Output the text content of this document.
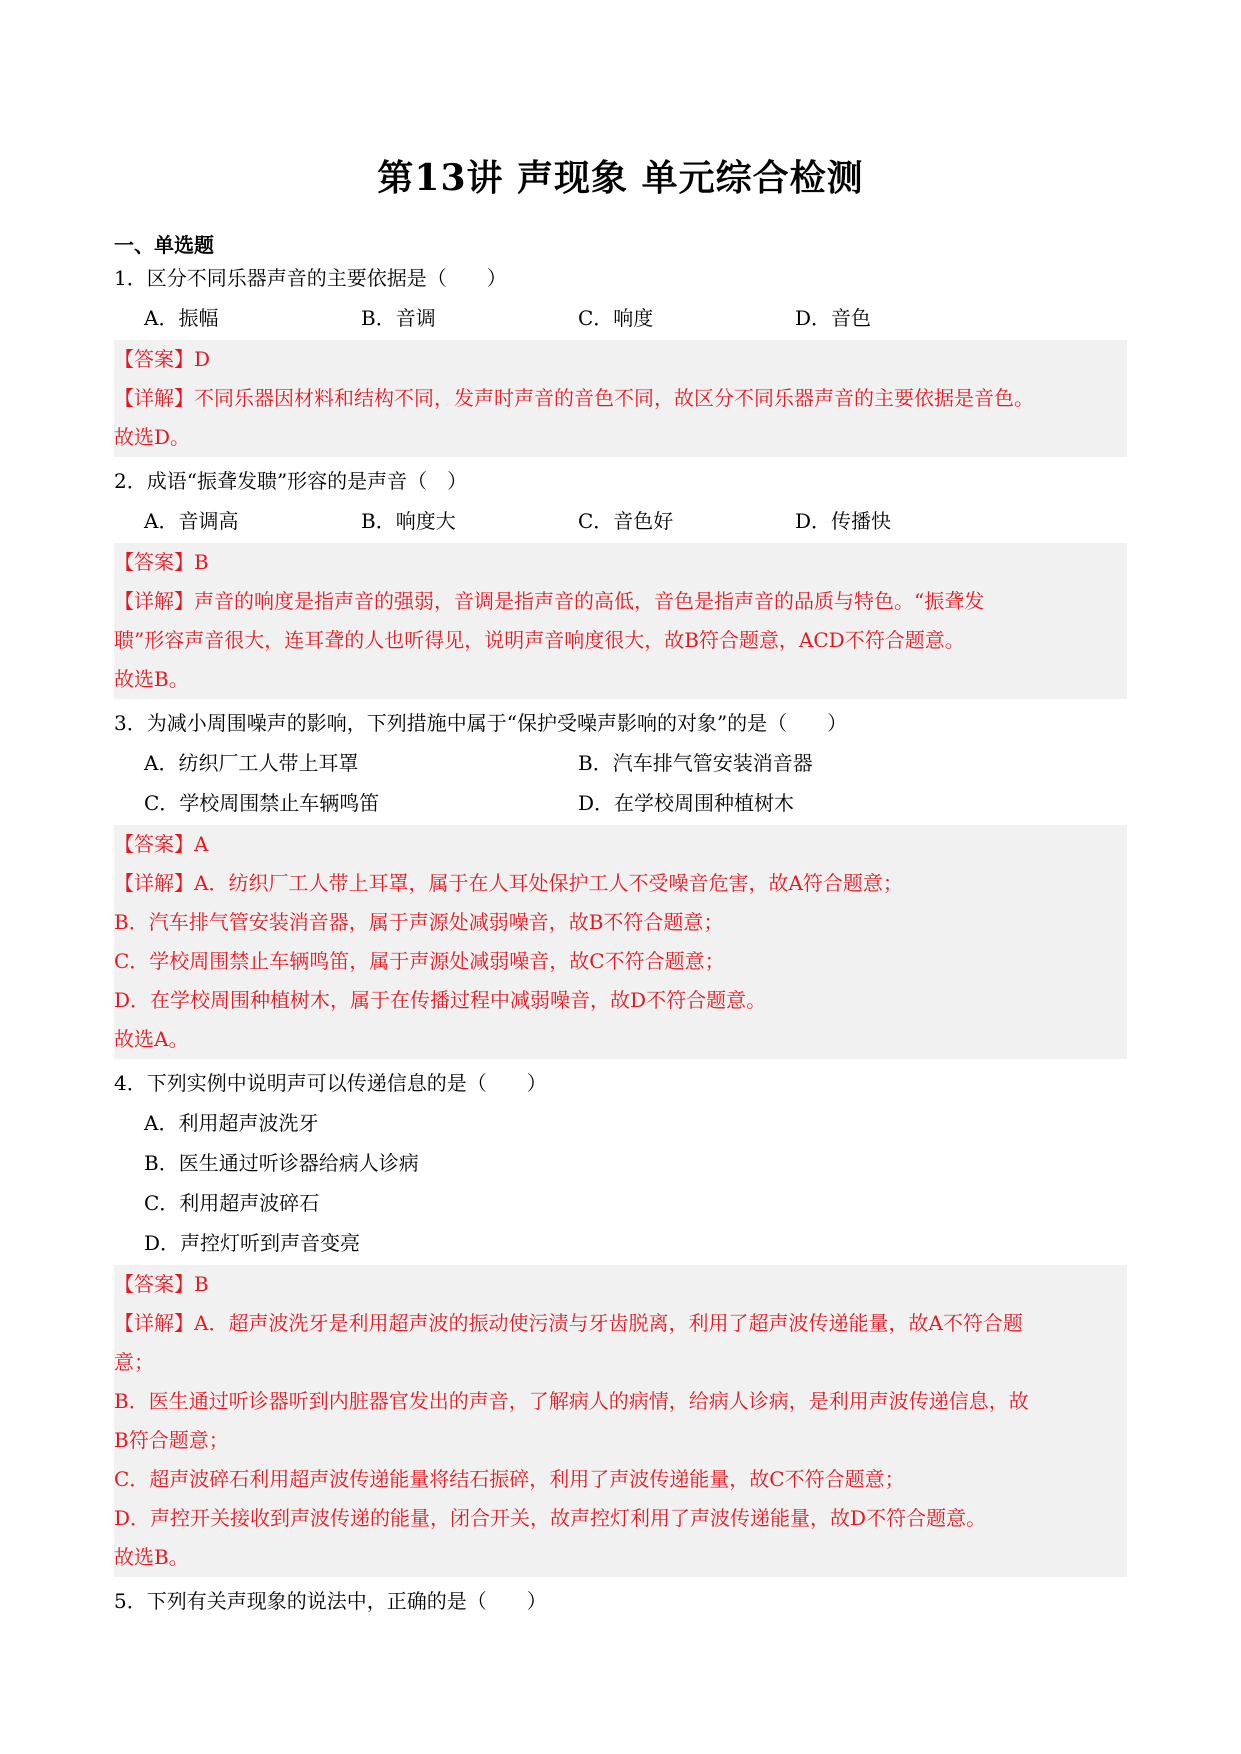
第13讲 声现象 单元综合检测
一、单选题
1．区分不同乐器声音的主要依据是（　　）
A．振幅	B．音调	C．响度	D．音色
【答案】D
【详解】不同乐器因材料和结构不同，发声时声音的音色不同，故区分不同乐器声音的主要依据是音色。
故选D。
2．成语“振聋发聩”形容的是声音（　）
A．音调高	B．响度大	C．音色好	D．传播快
【答案】B
【详解】声音的响度是指声音的强弱，音调是指声音的高低，音色是指声音的品质与特色。“振聋发
聩”形容声音很大，连耳聋的人也听得见，说明声音响度很大，故B符合题意，ACD不符合题意。
故选B。
3．为减小周围噪声的影响，下列措施中属于“保护受噪声影响的对象”的是（　　）
A．纺织厂工人带上耳罩	B．汽车排气管安装消音器
C．学校周围禁止车辆鸣笛	D．在学校周围种植树木
【答案】A
【详解】A．纺织厂工人带上耳罩，属于在人耳处保护工人不受噪音危害，故A符合题意；
B．汽车排气管安装消音器，属于声源处减弱噪音，故B不符合题意；
C．学校周围禁止车辆鸣笛，属于声源处减弱噪音，故C不符合题意；
D．在学校周围种植树木，属于在传播过程中减弱噪音，故D不符合题意。
故选A。
4．下列实例中说明声可以传递信息的是（　　）
A．利用超声波洗牙
B．医生通过听诊器给病人诊病
C．利用超声波碎石
D．声控灯听到声音变亮
【答案】B
【详解】A．超声波洗牙是利用超声波的振动使污渍与牙齿脱离，利用了超声波传递能量，故A不符合题
意；
B．医生通过听诊器听到内脏器官发出的声音，了解病人的病情，给病人诊病，是利用声波传递信息，故
B符合题意；
C．超声波碎石利用超声波传递能量将结石振碎，利用了声波传递能量，故C不符合题意；
D．声控开关接收到声波传递的能量，闭合开关，故声控灯利用了声波传递能量，故D不符合题意。
故选B。
5．下列有关声现象的说法中，正确的是（　　）
